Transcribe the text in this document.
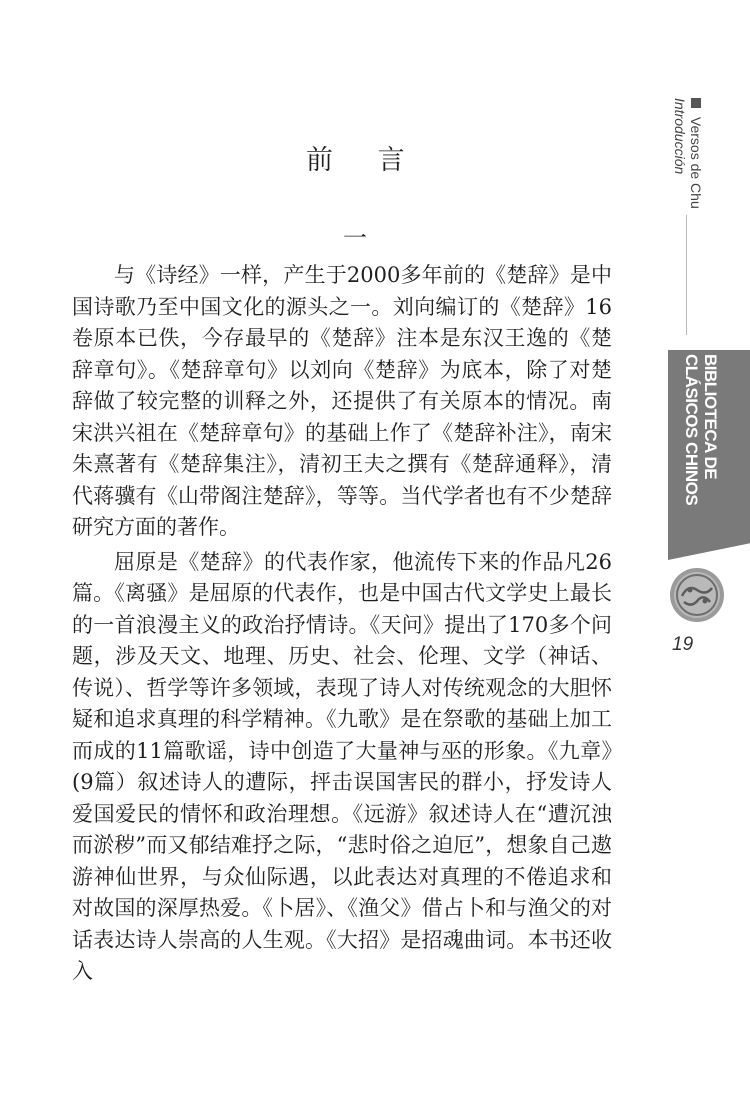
前 言
一

与《诗经》一样，产生于2000多年前的《楚辞》是中国诗歌乃至中国文化的源头之一。刘向编订的《楚辞》16卷原本已佚，今存最早的《楚辞》注本是东汉王逸的《楚辞章句》。《楚辞章句》以刘向《楚辞》为底本，除了对楚辞做了较完整的训释之外，还提供了有关原本的情况。南宋洪兴祖在《楚辞章句》的基础上作了《楚辞补注》，南宋朱熹著有《楚辞集注》，清初王夫之撰有《楚辞通释》，清代蒋骥有《山带阁注楚辞》，等等。当代学者也有不少楚辞研究方面的著作。

屈原是《楚辞》的代表作家，他流传下来的作品凡26篇。《离骚》是屈原的代表作，也是中国古代文学史上最长的一首浪漫主义的政治抒情诗。《天问》提出了170多个问题，涉及天文、地理、历史、社会、伦理、文学（神话、传说）、哲学等许多领域，表现了诗人对传统观念的大胆怀疑和追求真理的科学精神。《九歌》是在祭歌的基础上加工而成的11篇歌谣，诗中创造了大量神与巫的形象。《九章》(9篇）叙述诗人的遭际，抨击误国害民的群小，抒发诗人爱国爱民的情怀和政治理想。《远游》叙述诗人在“遭沉浊而淤秽”而又郁结难抒之际，“悲时俗之迫厄”，想象自己遨游神仙世界，与众仙际遇，以此表达对真理的不倦追求和对故国的深厚热爱。《卜居》、《渔父》借占卜和与渔父的对话表达诗人崇高的人生观。《大招》是招魂曲词。本书还收入

Versos de Chu
Introducción
BIBLIOTECA DE
CLÁSICOS CHINOS
19
